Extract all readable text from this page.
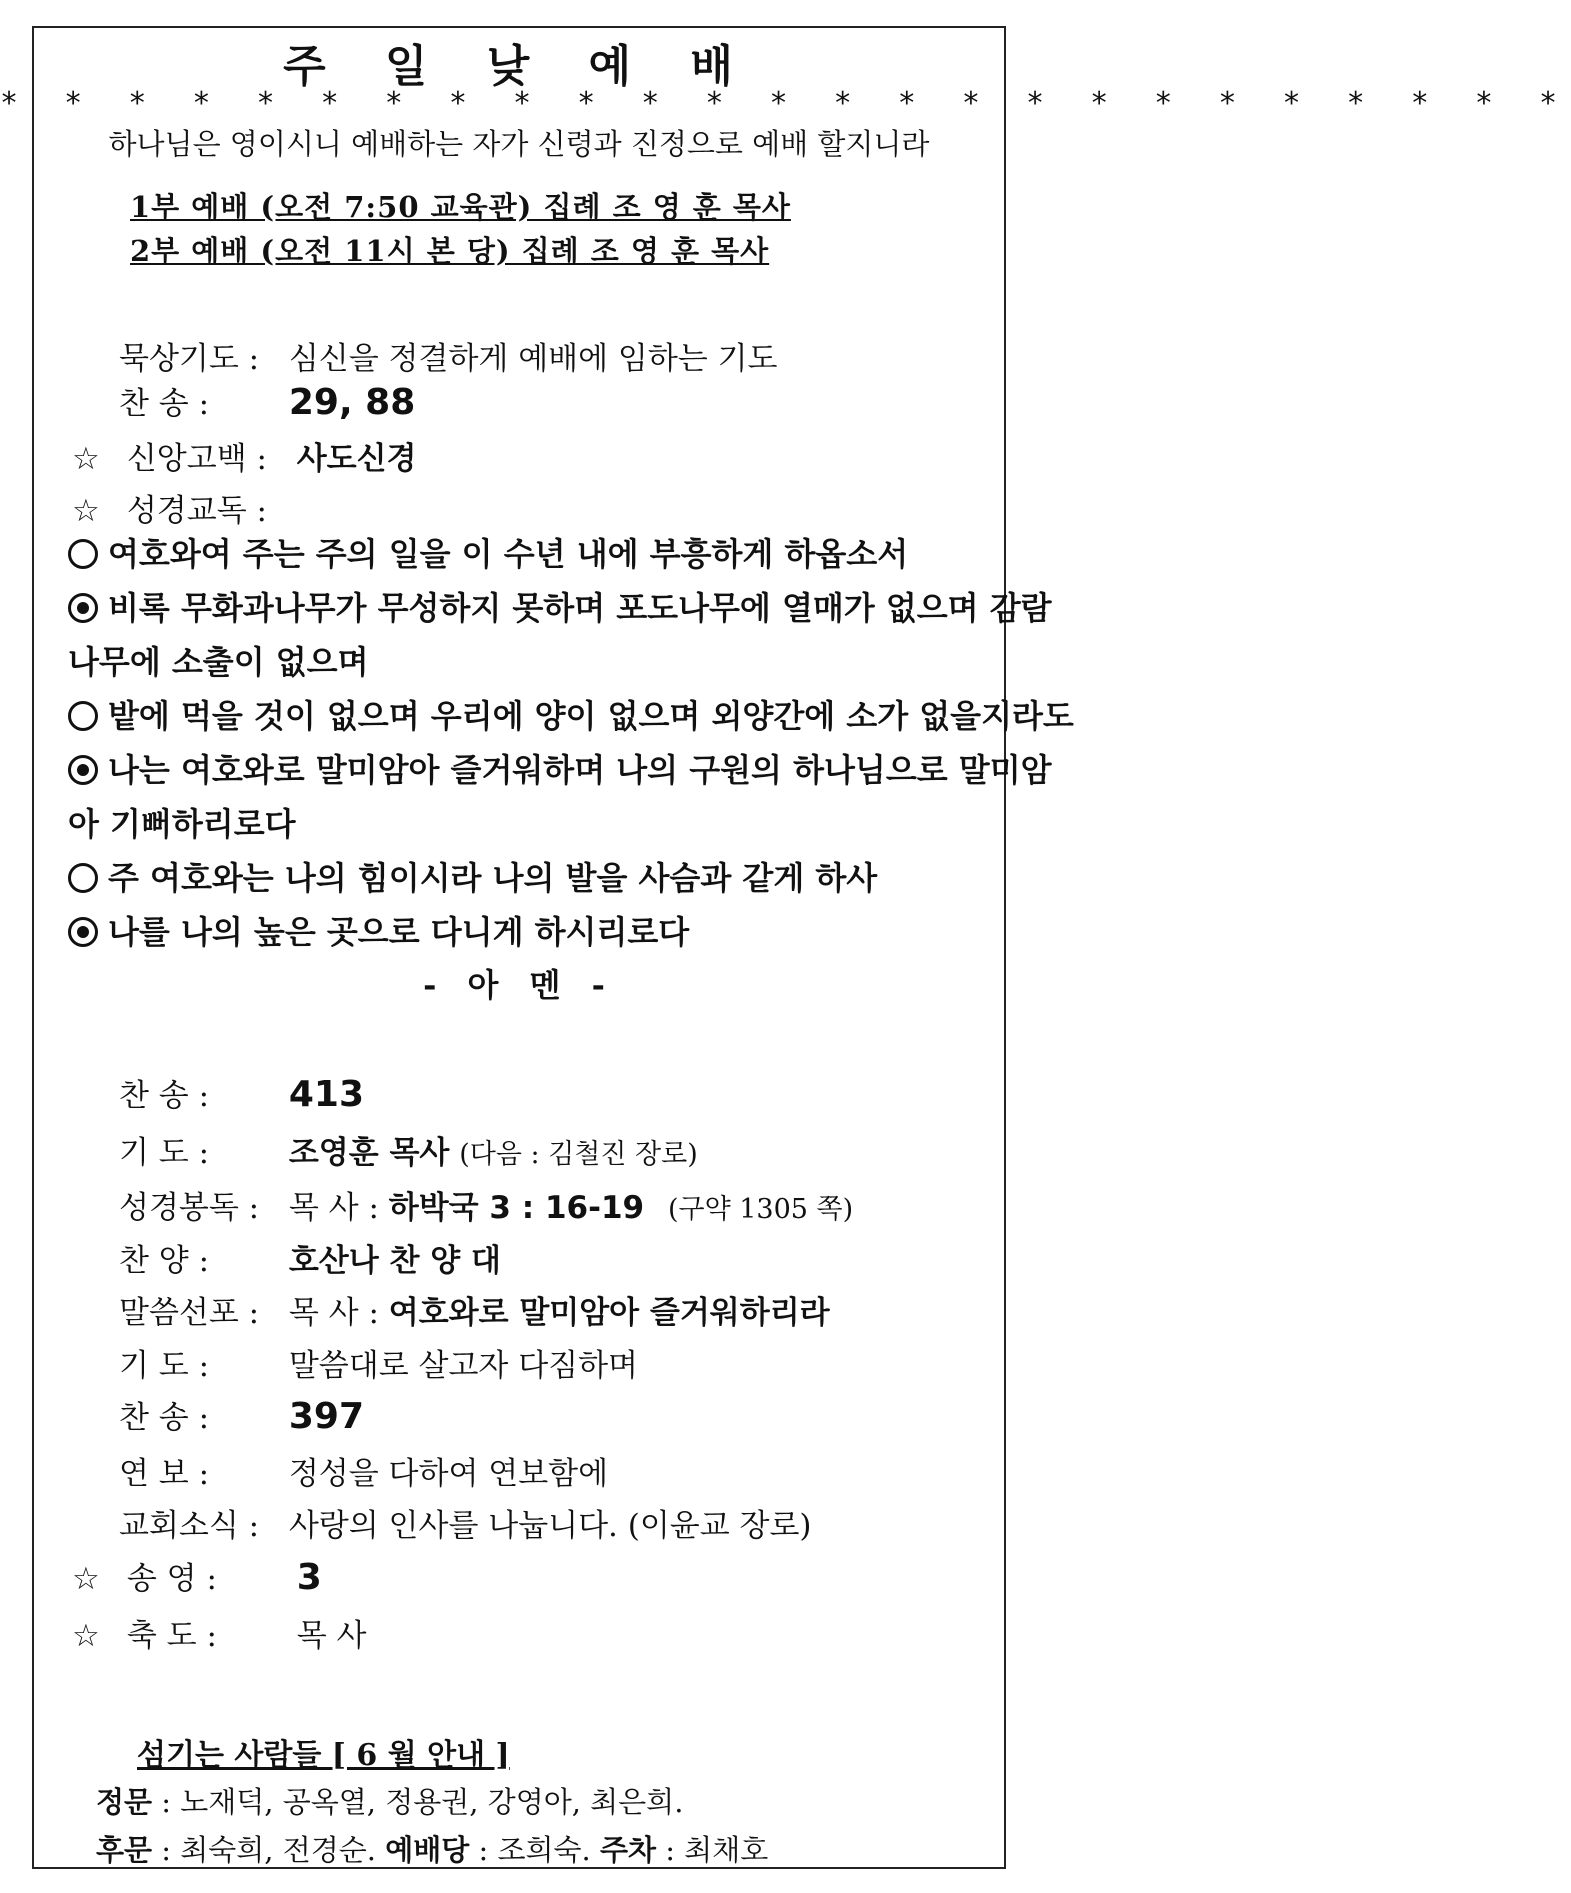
주 일 낮 예 배
* * * * * * * * * * * * * * * * * * * * * * * * *
하나님은 영이시니 예배하는 자가 신령과 진정으로 예배 할지니라
1부 예배 (오전 7:50 교육관) 집례 조 영 훈 목사
2부 예배 (오전 11시 본 당) 집례 조 영 훈 목사
묵상기도 : 심신을 정결하게 예배에 임하는 기도
찬 송 : 29, 88
☆ 신앙고백 : 사도신경
☆ 성경교독 :
여호와여 주는 주의 일을 이 수년 내에 부흥하게 하옵소서
비록 무화과나무가 무성하지 못하며 포도나무에 열매가 없으며 감람
나무에 소출이 없으며
밭에 먹을 것이 없으며 우리에 양이 없으며 외양간에 소가 없을지라도
나는 여호와로 말미암아 즐거워하며 나의 구원의 하나님으로 말미암
아 기뻐하리로다
주 여호와는 나의 힘이시라 나의 발을 사슴과 같게 하사
나를 나의 높은 곳으로 다니게 하시리로다
- 아 멘 -
찬 송 : 413
기 도 :	조영훈 목사 (다음 : 김철진 장로)
성경봉독 : 목 사 : 하박국 3 : 16-19 (구약 1305 쪽)
찬 양 :	호산나 찬 양 대
말씀선포 : 목 사 : 여호와로 말미암아 즐거워하리라
기 도 :	말씀대로 살고자 다짐하며
찬 송 : 397
연 보 :	정성을 다하여 연보함에
교회소식 : 사랑의 인사를 나눕니다. (이윤교 장로)
☆ 송 영 : 3
☆ 축 도 :	목 사
섬기는 사람들 [ 6 월 안내 ]
정문 : 노재덕, 공옥열, 정용권, 강영아, 최은희.
후문 : 최숙희, 전경순. 예배당 : 조희숙. 주차 : 최채호
